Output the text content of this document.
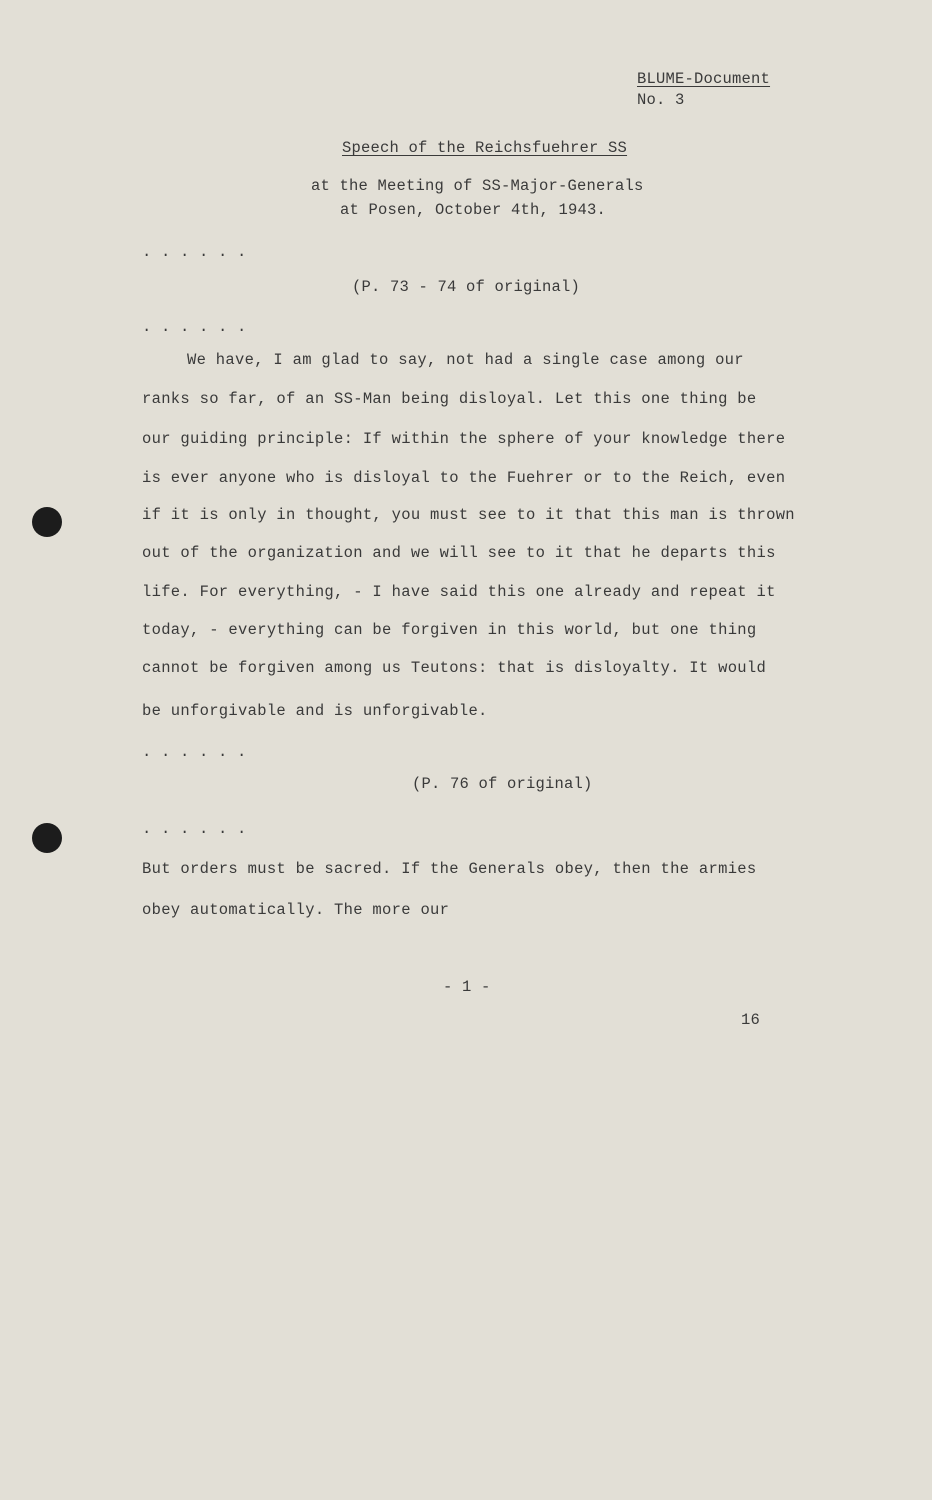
BLUME-Document
No. 3
Speech of the Reichsfuehrer SS
at the Meeting of SS-Major-Generals
at Posen, October 4th, 1943.
. . . . . .
(P. 73 - 74 of original)
. . . . . .
We have, I am glad to say, not had a single case among our
ranks so far, of an SS-Man being disloyal. Let this one thing be
our guiding principle: If within the sphere of your knowledge there
is ever anyone who is disloyal to the Fuehrer or to the Reich, even
if it is only in thought, you must see to it that this man is thrown
out of the organization and we will see to it that he departs this
life. For everything, - I have said this one already and repeat it
today, - everything can be forgiven in this world, but one thing
cannot be forgiven among us Teutons: that is disloyalty. It would
be unforgivable and is unforgivable.
. . . . . .
(P. 76 of original)
. . . . . .
But orders must be sacred. If the Generals obey, then the armies
obey automatically. The more our
- 1 -
16
